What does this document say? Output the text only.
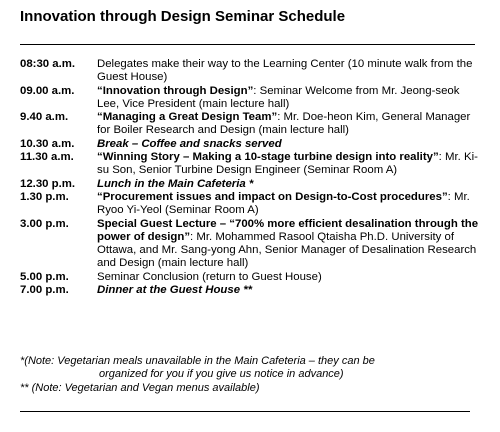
Innovation through Design Seminar Schedule
08:30 a.m.	Delegates make their way to the Learning Center (10 minute walk from the Guest House)
09.00 a.m.	“Innovation through Design”: Seminar Welcome from Mr. Jeong-seok Lee, Vice President (main lecture hall)
9.40 a.m.	“Managing a Great Design Team”: Mr. Doe-heon Kim, General Manager for Boiler Research and Design (main lecture hall)
10.30 a.m.	Break – Coffee and snacks served
11.30 a.m.	“Winning Story – Making a 10-stage turbine design into reality”: Mr. Ki-su Son, Senior Turbine Design Engineer (Seminar Room A)
12.30 p.m.	Lunch in the Main Cafeteria *
1.30 p.m.	“Procurement issues and impact on Design-to-Cost procedures”: Mr. Ryoo Yi-Yeol (Seminar Room A)
3.00 p.m.	Special Guest Lecture – “700% more efficient desalination through the power of design”: Mr. Mohammed Rasool Qtaisha Ph.D. University of Ottawa, and Mr. Sang-yong Ahn, Senior Manager of Desalination Research and Design (main lecture hall)
5.00 p.m.	Seminar Conclusion (return to Guest House)
7.00 p.m.	Dinner at the Guest House **
*(Note: Vegetarian meals unavailable in the Main Cafeteria – they can be
organized for you if you give us notice in advance)
** (Note: Vegetarian and Vegan menus available)
